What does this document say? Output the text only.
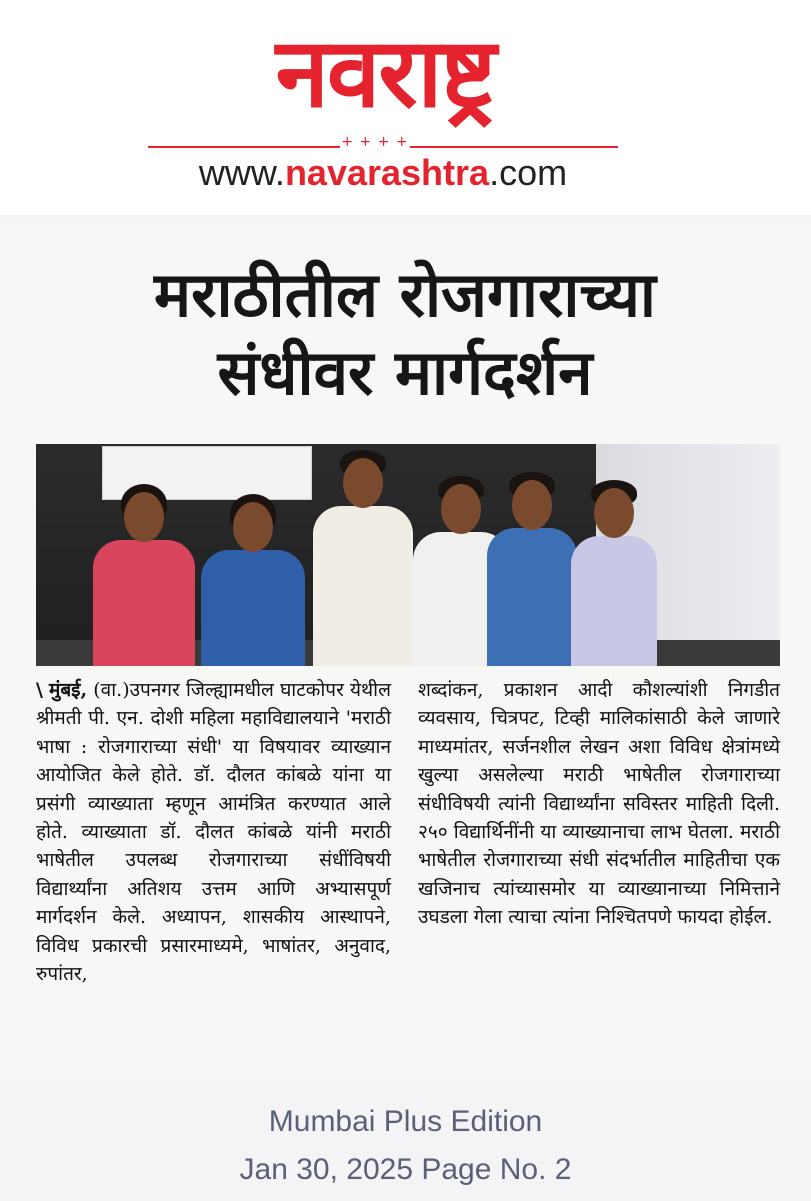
नवराष्ट्र
+ + + +
www.navarashtra.com
मराठीतील रोजगाराच्या
संधीवर मार्गदर्शन
\ मुंबई, (वा.)उपनगर जिल्ह्यामधील घाटकोपर येथील श्रीमती पी. एन. दोशी महिला महाविद्यालयाने 'मराठी भाषा : रोजगाराच्या संधी' या विषयावर व्याख्यान आयोजित केले होते. डॉ. दौलत कांबळे यांना या प्रसंगी व्याख्याता म्हणून आमंत्रित करण्यात आले होते. व्याख्याता डॉ. दौलत कांबळे यांनी मराठी भाषेतील उपलब्ध रोजगाराच्या संधींविषयी विद्यार्थ्यांना अतिशय उत्तम आणि अभ्यासपूर्ण मार्गदर्शन केले. अध्यापन, शासकीय आस्थापने, विविध प्रकारची प्रसारमाध्यमे, भाषांतर, अनुवाद, रुपांतर,
शब्दांकन, प्रकाशन आदी कौशल्यांशी निगडीत व्यवसाय, चित्रपट, टिव्ही मालिकांसाठी केले जाणारे माध्यमांतर, सर्जनशील लेखन अशा विविध क्षेत्रांमध्ये खुल्या असलेल्या मराठी भाषेतील रोजगाराच्या संधीविषयी त्यांनी विद्यार्थ्यांना सविस्तर माहिती दिली. २५० विद्यार्थिनींनी या व्याख्यानाचा लाभ घेतला. मराठी भाषेतील रोजगाराच्या संधी संदर्भातील माहितीचा एक खजिनाच त्यांच्यासमोर या व्याख्यानाच्या निमित्ताने उघडला गेला त्याचा त्यांना निश्चितपणे फायदा होईल.
Mumbai Plus Edition
Jan 30, 2025 Page No. 2
